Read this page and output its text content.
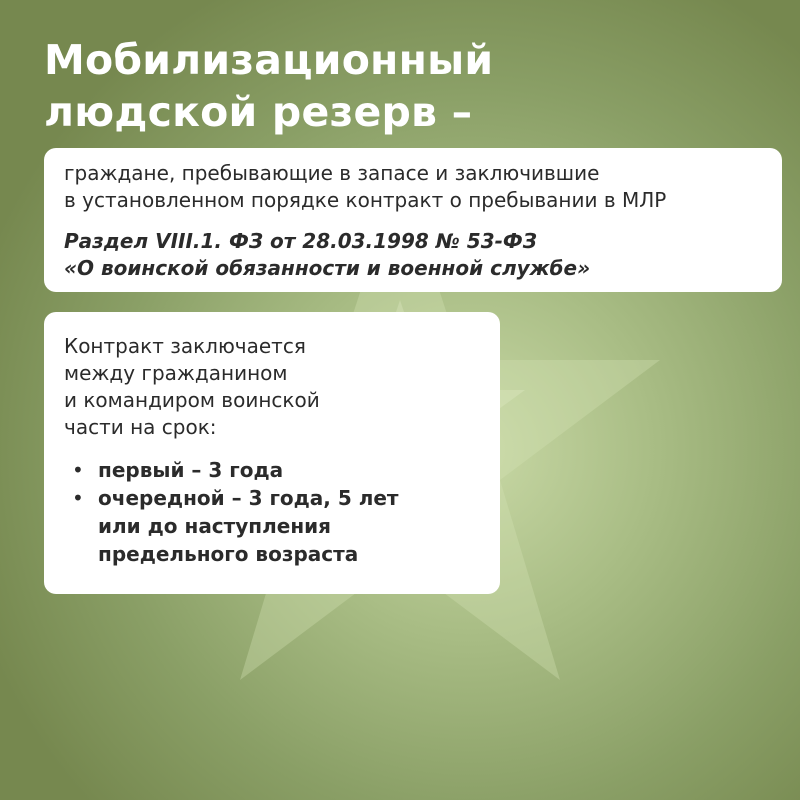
Мобилизационный
людской резерв –
граждане, пребывающие в запасе и заключившие
в установленном порядке контракт о пребывании в МЛР
Раздел VIII.1. ФЗ от 28.03.1998 № 53-ФЗ
«О воинской обязанности и военной службе»
Контракт заключается
между гражданином
и командиром воинской
части на срок:
• первый – 3 года
• очередной – 3 года, 5 лет
или до наступления
предельного возраста
